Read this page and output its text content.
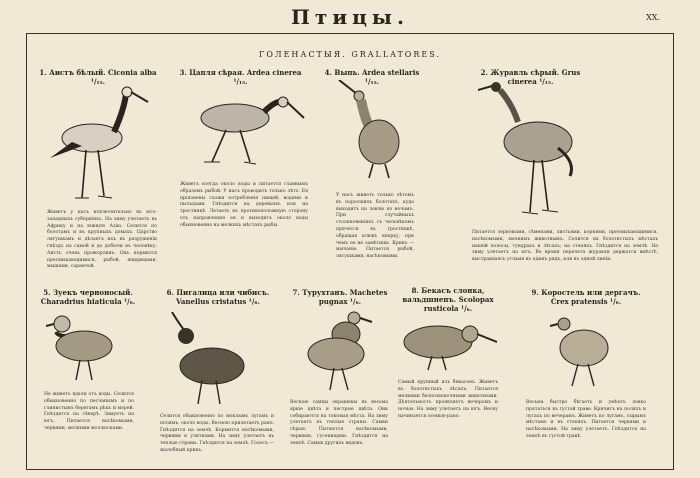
Птицы.	XX.
ГОЛЕНАСТЫЯ. GRALLATORES.
1. Аистъ бѣлый. Ciconia alba ¹/₁₅.
Живетъ у насъ исключительно въ юго-западныхъ губерніяхъ. На зиму улетаетъ въ Африку и на южную Азію. Селится по болотамъ и въ крупныхъ домахъ. Царство лягушкамъ и дѣлаетъ ихъ въ разрушеніи гнѣздъ на самой и до добычи въ человѣку. Аистъ очень прожорливъ. Онъ кормится пресмыкающимися, рыбой, ящерицами, мышами, саранчой.
3. Цапля сѣрая. Ardea cinerea ¹/₁₅.
Живетъ всегда около воды и питается главнымъ образомъ рыбой. У насъ проводитъ только лѣто. Ея пріязнены схожи потребленія пищей, водами и пыльцами. Гнѣздится на деревьяхъ или на тростникѣ. Летаетъ въ противоположную сторону отъ направления ея и выходитъ около воды обыкновенно на мелкихъ мѣстахъ рыбы.
4. Выпь. Ardea stellaris ¹/₁₅.
У насъ живетъ только лѣтомъ въ поросшихъ болотахъ, куда выходитъ на ловлю по ночамъ. При случайныхъ столкновеніяхъ съ человѣкомъ прячется въ тростникѣ, обращая клювъ кверху, при чемъ ее не замѣтишь. Крикъ — мычаніе. Питается рыбой, лягушками, насѣкомыми.
2. Журавль сѣрый. Grus cinerea ¹/₁₅.
Питается зерновыми, сѣменами, листьями, корнями, пресмыкающимися, насѣкомыми, мелкимъ животнымъ. Селится на болотистыхъ мѣстахъ нашей полосы, тундрахъ и лѣсахъ; на степяхъ. Гнѣздится на землѣ. На зиму улетаетъ на югъ. Во время перелета журавли держатся вмѣстѣ, выстраиваясь углами въ одинъ рядъ, или въ одной линіи.
5. Зуекъ черноносый. Charadrius hiaticula ¹/₆.
Не живетъ вдали отъ воды. Селится обыкновенно по песчанымъ и по глинистымъ берегамъ рѣкъ и морей. Гнѣздится на сѣверѣ. Зимуетъ на югъ. Питается насѣкомыми, червями, мелкими моллюсками.
6. Пигалица или чибисъ. Vanellus cristatus ¹/₆.
Селится обыкновенно по моклымъ лугамъ и полямъ, около воды. Весною прилетаетъ рано. Гнѣздится на землѣ. Кормится насѣкомыми, червями и улитками. На зиму улетаетъ въ теплые страны. Гнѣздится на землѣ. Голосъ — жалобный крикъ.
7. Турухтанъ. Machetes pugnax ¹/₆.
Весною самцы окрашены въ весьма яркіе цвѣта и пестрые цвѣта. Они собираются на токовыя мѣста. На зиму улетаетъ въ теплые страны. Самки сѣрыя. Питаются насѣкомыми, червями, гусеницами. Гнѣздится на землѣ. Самки другихъ видовъ.
8. Бекасъ слонка, вальдшнепъ. Scolopax rusticola ¹/₆.
Самый крупный изъ бекасовъ. Живетъ въ болотистыхъ лѣсахъ. Питается мелкими безпозвоночными животными. Дѣятельность проявляетъ вечеромъ и ночью. На зиму улетаетъ на югъ. Весну начинается осенью-рано.
9. Коростель или дергачъ. Crex pratensis ¹/₆.
Весьма быстро бѣгаетъ и умѣетъ ловко прятаться въ густой траве. Кричитъ на поляхъ и лугахъ по вечерамъ. Живетъ по лугамъ, сырымъ мѣстамъ и въ степяхъ. Питается червями и насѣкомыми. На зиму улетаетъ. Гнѣздится на землѣ въ густой травѣ.
